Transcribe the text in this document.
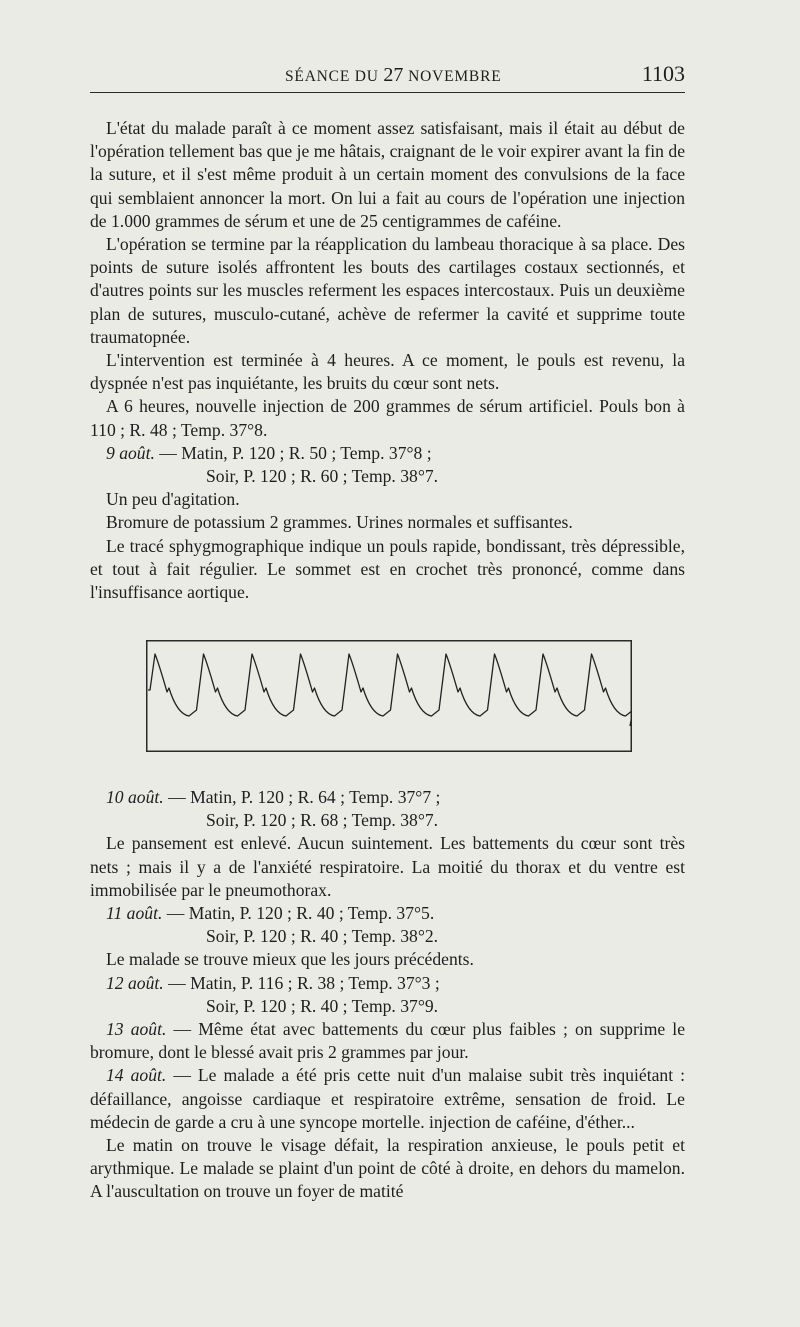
SÉANCE DU 27 NOVEMBRE	1103

L'état du malade paraît à ce moment assez satisfaisant, mais il était au début de l'opération tellement bas que je me hâtais, craignant de le voir expirer avant la fin de la suture, et il s'est même produit à un certain moment des convulsions de la face qui semblaient annoncer la mort. On lui a fait au cours de l'opération une injection de 1.000 grammes de sérum et une de 25 centigrammes de caféine.

L'opération se termine par la réapplication du lambeau thoracique à sa place. Des points de suture isolés affrontent les bouts des cartilages costaux sectionnés, et d'autres points sur les muscles referment les espaces intercostaux. Puis un deuxième plan de sutures, musculo-cutané, achève de refermer la cavité et supprime toute traumatopnée.

L'intervention est terminée à 4 heures. A ce moment, le pouls est revenu, la dyspnée n'est pas inquiétante, les bruits du cœur sont nets.

A 6 heures, nouvelle injection de 200 grammes de sérum artificiel. Pouls bon à 110 ; R. 48 ; Temp. 37°8.

9 août. — Matin, P. 120 ; R. 50 ; Temp. 37°8 ;

Soir, P. 120 ; R. 60 ; Temp. 38°7.

Un peu d'agitation.

Bromure de potassium 2 grammes. Urines normales et suffisantes.

Le tracé sphygmographique indique un pouls rapide, bondissant, très dépressible, et tout à fait régulier. Le sommet est en crochet très prononcé, comme dans l'insuffisance aortique.

10 août. — Matin, P. 120 ; R. 64 ; Temp. 37°7 ;

Soir, P. 120 ; R. 68 ; Temp. 38°7.

Le pansement est enlevé. Aucun suintement. Les battements du cœur sont très nets ; mais il y a de l'anxiété respiratoire. La moitié du thorax et du ventre est immobilisée par le pneumothorax.

11 août. — Matin, P. 120 ; R. 40 ; Temp. 37°5.

Soir, P. 120 ; R. 40 ; Temp. 38°2.

Le malade se trouve mieux que les jours précédents.

12 août. — Matin, P. 116 ; R. 38 ; Temp. 37°3 ;

Soir, P. 120 ; R. 40 ; Temp. 37°9.

13 août. — Même état avec battements du cœur plus faibles ; on supprime le bromure, dont le blessé avait pris 2 grammes par jour.

14 août. — Le malade a été pris cette nuit d'un malaise subit très inquiétant : défaillance, angoisse cardiaque et respiratoire extrême, sensation de froid. Le médecin de garde a cru à une syncope mortelle. injection de caféine, d'éther...

Le matin on trouve le visage défait, la respiration anxieuse, le pouls petit et arythmique. Le malade se plaint d'un point de côté à droite, en dehors du mamelon. A l'auscultation on trouve un foyer de matité
